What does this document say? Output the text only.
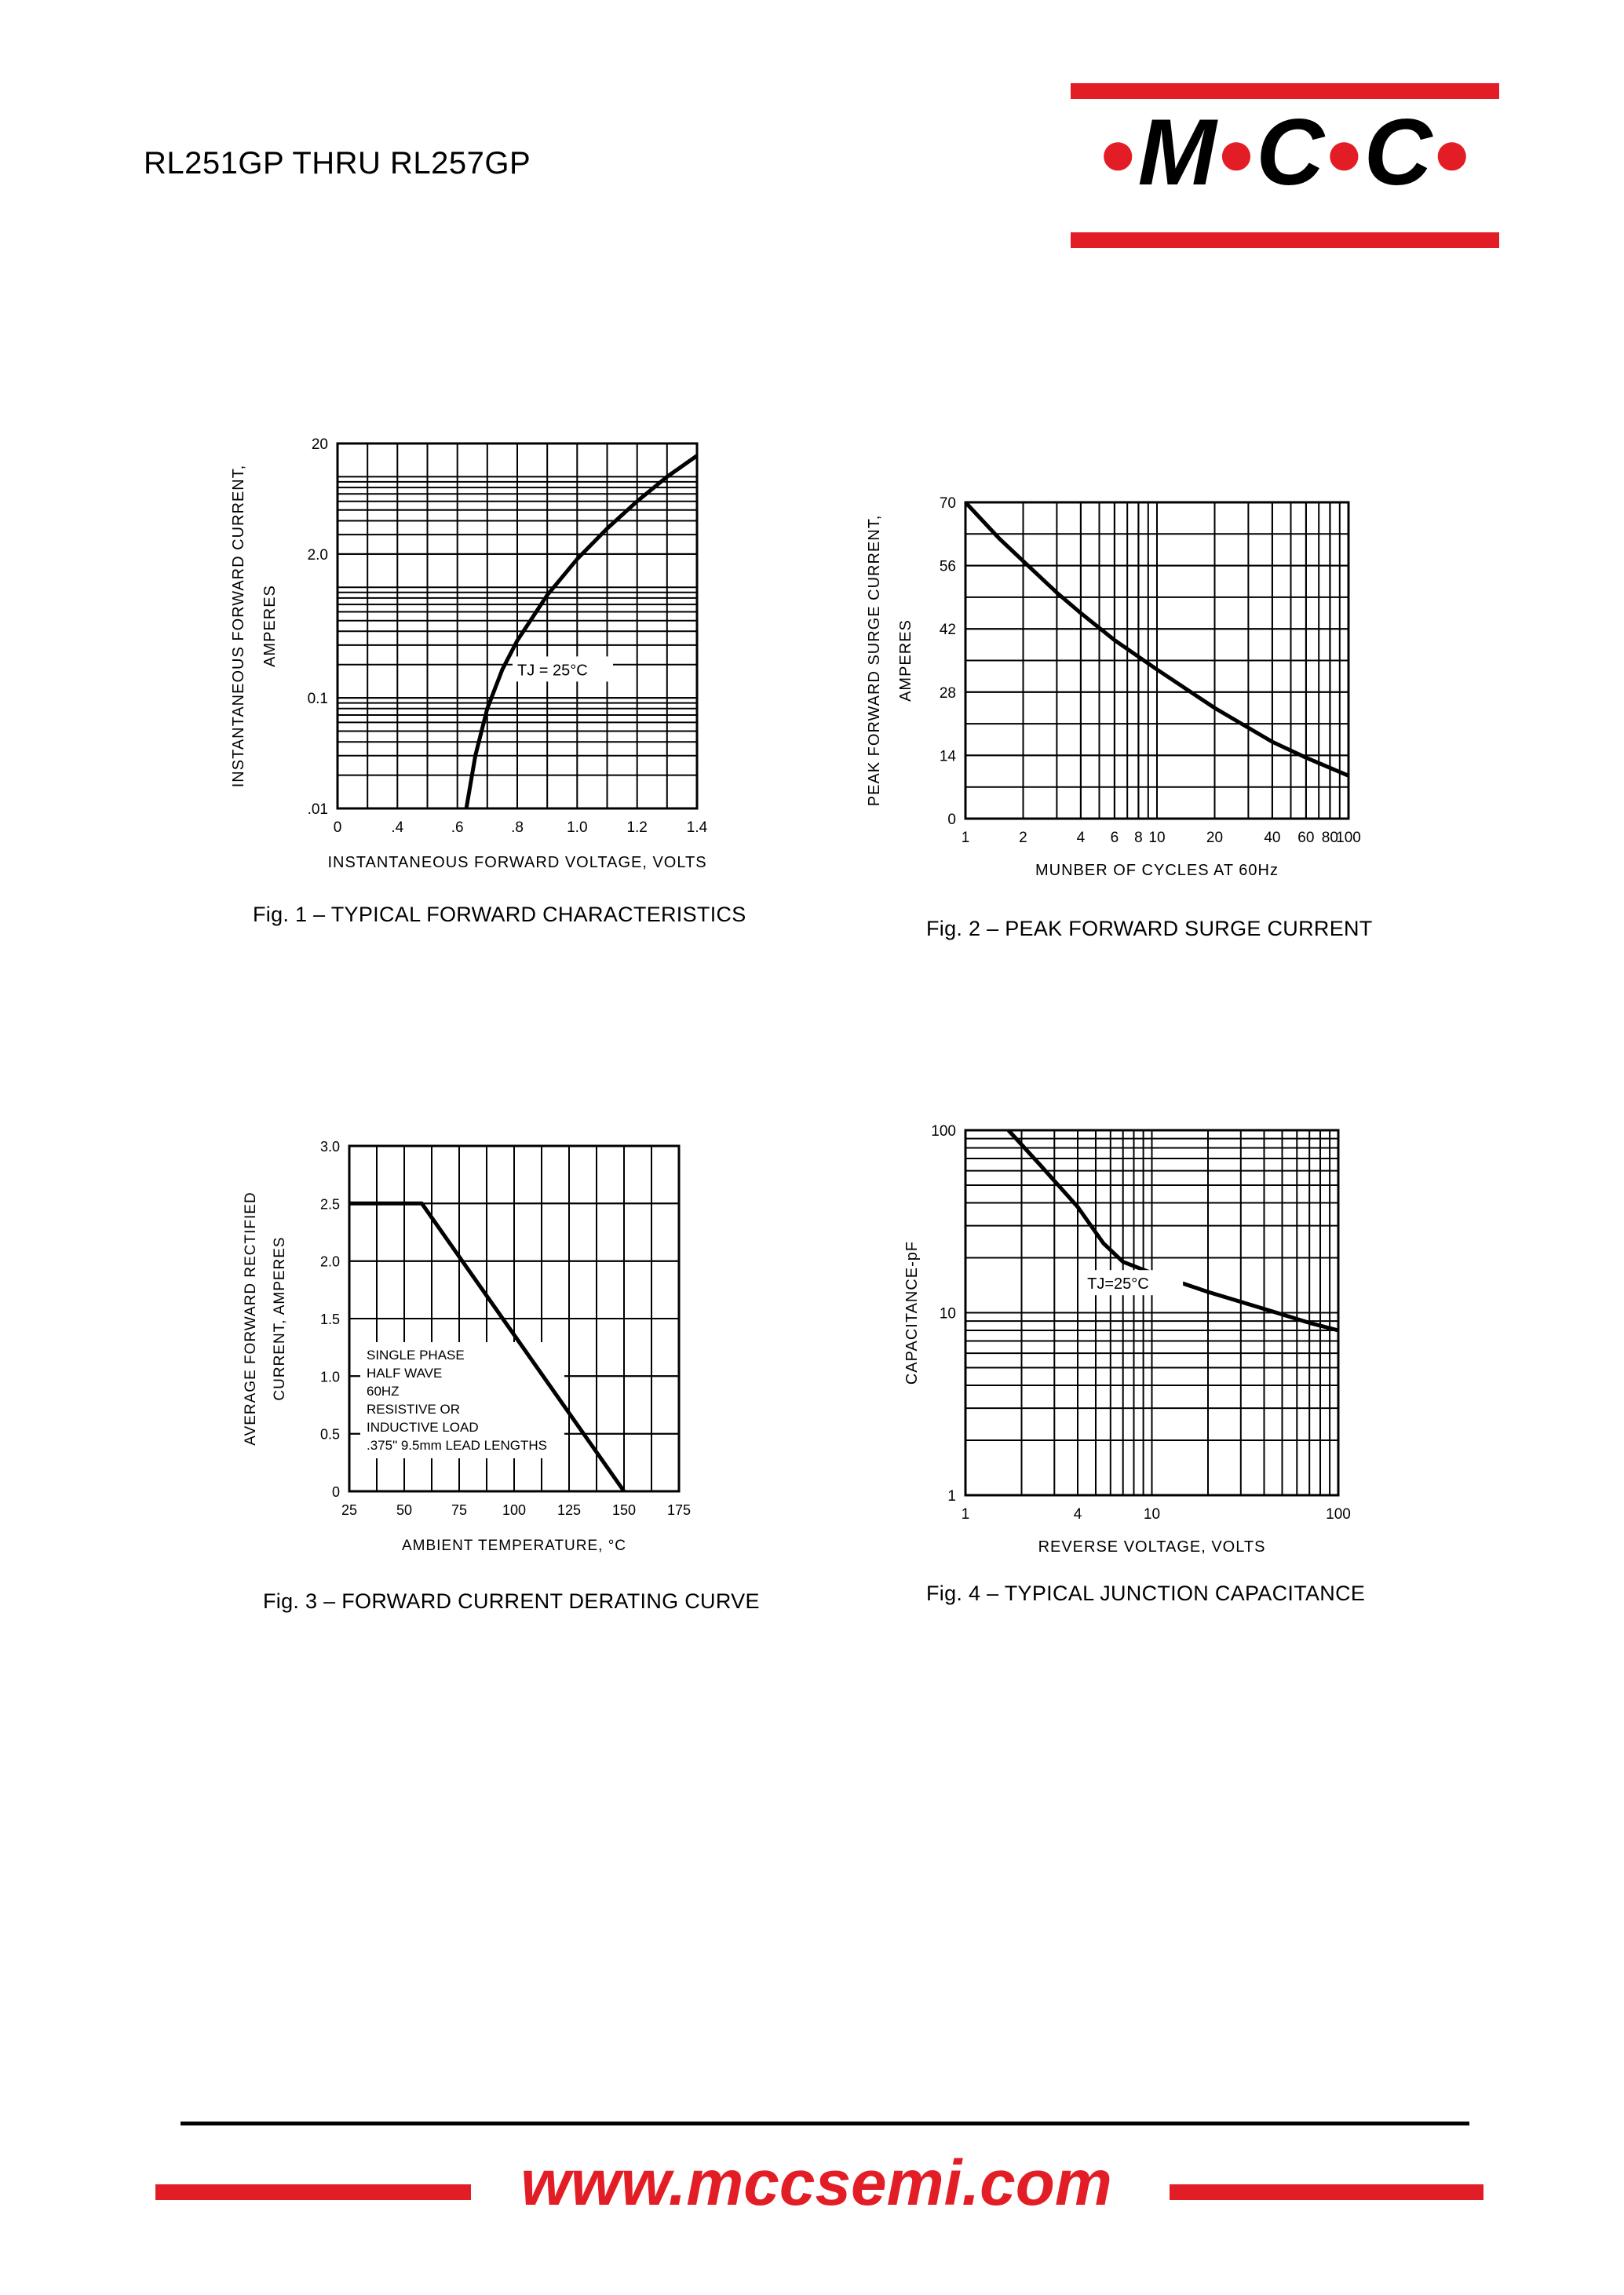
RL251GP THRU RL257GP	●M●C●C●
TJ = 25°C
0	.4	.6	.8	1.0	1.2	1.4
.01
0.1
2.0
20
INSTANTANEOUS FORWARD VOLTAGE, VOLTS
INSTANTANEOUS FORWARD CURRENT, AMPERES
Fig. 1 – TYPICAL FORWARD CHARACTERISTICS
1	2	4 6 8 10	20	40 60 80
100
0
14
28
42
56
70
MUNBER OF CYCLES AT 60Hz
PEAK FORWARD SURGE CURRENT, AMPERES
Fig. 2 – PEAK FORWARD SURGE CURRENT
SINGLE PHASE
HALF WAVE
60HZ
RESISTIVE OR
INDUCTIVE LOAD
.375" 9.5mm LEAD LENGTHS
25	50	75 100 125 150 175
0
0.5
1.0
1.5
2.0
2.5
3.0
AMBIENT TEMPERATURE, °C
AVERAGE FORWARD RECTIFIED CURRENT, AMPERES
Fig. 3 – FORWARD CURRENT DERATING CURVE
TJ=25°C
1	4	10	100
1
10
100
REVERSE VOLTAGE, VOLTS
CAPACITANCE-pF
Fig. 4 – TYPICAL JUNCTION CAPACITANCE
www.mccsemi.com
